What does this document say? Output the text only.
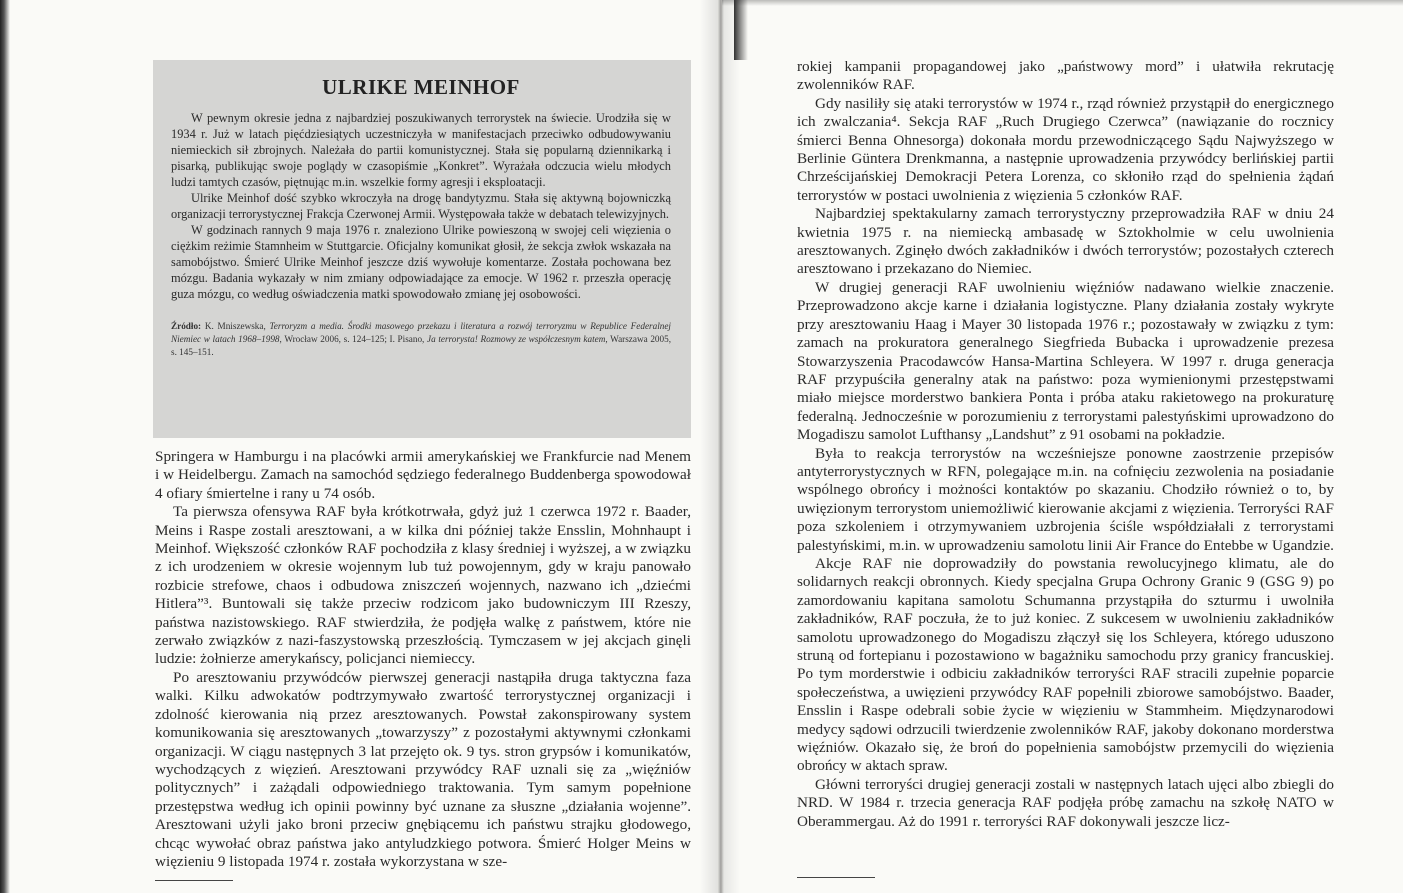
ULRIKE MEINHOF

W pewnym okresie jedna z najbardziej poszukiwanych terrorystek na świecie. Urodziła się w 1934 r. Już w latach pięćdziesiątych uczestniczyła w manifestacjach przeciwko odbudowywaniu niemieckich sił zbrojnych. Należała do partii komunistycznej. Stała się popularną dziennikarką i pisarką, publikując swoje poglądy w czasopiśmie „Konkret”. Wyrażała odczucia wielu młodych ludzi tamtych czasów, piętnując m.in. wszelkie formy agresji i eksploatacji.

Ulrike Meinhof dość szybko wkroczyła na drogę bandytyzmu. Stała się aktywną bojowniczką organizacji terrorystycznej Frakcja Czerwonej Armii. Występowała także w debatach telewizyjnych.

W godzinach rannych 9 maja 1976 r. znaleziono Ulrike powieszoną w swojej celi więzienia o ciężkim reżimie Stamnheim w Stuttgarcie. Oficjalny komunikat głosił, że sekcja zwłok wskazała na samobójstwo. Śmierć Ulrike Meinhof jeszcze dziś wywołuje komentarze. Została pochowana bez mózgu. Badania wykazały w nim zmiany odpowiadające za emocje. W 1962 r. przeszła operację guza mózgu, co według oświadczenia matki spowodowało zmianę jej osobowości.

Źródło: K. Mniszewska, Terroryzm a media. Środki masowego przekazu i literatura a rozwój terroryzmu w Republice Federalnej Niemiec w latach 1968–1998, Wrocław 2006, s. 124–125; I. Pisano, Ja terrorysta! Rozmowy ze współczesnym katem, Warszawa 2005, s. 145–151.

Springera w Hamburgu i na placówki armii amerykańskiej we Frankfurcie nad Menem i w Heidelbergu. Zamach na samochód sędziego federalnego Buddenberga spowodował 4 ofiary śmiertelne i rany u 74 osób.

Ta pierwsza ofensywa RAF była krótkotrwała, gdyż już 1 czerwca 1972 r. Baader, Meins i Raspe zostali aresztowani, a w kilka dni później także Ensslin, Mohnhaupt i Meinhof. Większość członków RAF pochodziła z klasy średniej i wyższej, a w związku z ich urodzeniem w okresie wojennym lub tuż powojennym, gdy w kraju panowało rozbicie strefowe, chaos i odbudowa zniszczeń wojennych, nazwano ich „dziećmi Hitlera”³. Buntowali się także przeciw rodzicom jako budowniczym III Rzeszy, państwa nazistowskiego. RAF stwierdziła, że podjęła walkę z państwem, które nie zerwało związków z nazi-faszystowską przeszłością. Tymczasem w jej akcjach ginęli ludzie: żołnierze amerykańscy, policjanci niemieccy.

Po aresztowaniu przywódców pierwszej generacji nastąpiła druga taktyczna faza walki. Kilku adwokatów podtrzymywało zwartość terrorystycznej organizacji i zdolność kierowania nią przez aresztowanych. Powstał zakonspirowany system komunikowania się aresztowanych „towarzyszy” z pozostałymi aktywnymi członkami organizacji. W ciągu następnych 3 lat przejęto ok. 9 tys. stron grypsów i komunikatów, wychodzących z więzień. Aresztowani przywódcy RAF uznali się za „więźniów politycznych” i zażądali odpowiedniego traktowania. Tym samym popełnione przestępstwa według ich opinii powinny być uznane za słuszne „działania wojenne”. Aresztowani użyli jako broni przeciw gnębiącemu ich państwu strajku głodowego, chcąc wywołać obraz państwa jako antyludzkiego potwora. Śmierć Holger Meins w więzieniu 9 listopada 1974 r. została wykorzystana w sze-

rokiej kampanii propagandowej jako „państwowy mord” i ułatwiła rekrutację zwolenników RAF.

Gdy nasiliły się ataki terrorystów w 1974 r., rząd również przystąpił do energicznego ich zwalczania⁴. Sekcja RAF „Ruch Drugiego Czerwca” (nawiązanie do rocznicy śmierci Benna Ohnesorga) dokonała mordu przewodniczącego Sądu Najwyższego w Berlinie Güntera Drenkmanna, a następnie uprowadzenia przywódcy berlińskiej partii Chrześcijańskiej Demokracji Petera Lorenza, co skłoniło rząd do spełnienia żądań terrorystów w postaci uwolnienia z więzienia 5 członków RAF.

Najbardziej spektakularny zamach terrorystyczny przeprowadziła RAF w dniu 24 kwietnia 1975 r. na niemiecką ambasadę w Sztokholmie w celu uwolnienia aresztowanych. Zginęło dwóch zakładników i dwóch terrorystów; pozostałych czterech aresztowano i przekazano do Niemiec.

W drugiej generacji RAF uwolnieniu więźniów nadawano wielkie znaczenie. Przeprowadzono akcje karne i działania logistyczne. Plany działania zostały wykryte przy aresztowaniu Haag i Mayer 30 listopada 1976 r.; pozostawały w związku z tym: zamach na prokuratora generalnego Siegfrieda Bubacka i uprowadzenie prezesa Stowarzyszenia Pracodawców Hansa-Martina Schleyera. W 1997 r. druga generacja RAF przypuściła generalny atak na państwo: poza wymienionymi przestępstwami miało miejsce morderstwo bankiera Ponta i próba ataku rakietowego na prokuraturę federalną. Jednocześnie w porozumieniu z terrorystami palestyńskimi uprowadzono do Mogadiszu samolot Lufthansy „Landshut” z 91 osobami na pokładzie.

Była to reakcja terrorystów na wcześniejsze ponowne zaostrzenie przepisów antyterrorystycznych w RFN, polegające m.in. na cofnięciu zezwolenia na posiadanie wspólnego obrońcy i możności kontaktów po skazaniu. Chodziło również o to, by uwięzionym terrorystom uniemożliwić kierowanie akcjami z więzienia. Terroryści RAF poza szkoleniem i otrzymywaniem uzbrojenia ściśle współdziałali z terrorystami palestyńskimi, m.in. w uprowadzeniu samolotu linii Air France do Entebbe w Ugandzie.

Akcje RAF nie doprowadziły do powstania rewolucyjnego klimatu, ale do solidarnych reakcji obronnych. Kiedy specjalna Grupa Ochrony Granic 9 (GSG 9) po zamordowaniu kapitana samolotu Schumanna przystąpiła do szturmu i uwolniła zakładników, RAF poczuła, że to już koniec. Z sukcesem w uwolnieniu zakładników samolotu uprowadzonego do Mogadiszu złączył się los Schleyera, którego uduszono struną od fortepianu i pozostawiono w bagażniku samochodu przy granicy francuskiej. Po tym morderstwie i odbiciu zakładników terroryści RAF stracili zupełnie poparcie społeczeństwa, a uwięzieni przywódcy RAF popełnili zbiorowe samobójstwo. Baader, Ensslin i Raspe odebrali sobie życie w więzieniu w Stammheim. Międzynarodowi medycy sądowi odrzucili twierdzenie zwolenników RAF, jakoby dokonano morderstwa więźniów. Okazało się, że broń do popełnienia samobójstw przemycili do więzienia obrońcy w aktach spraw.

Główni terroryści drugiej generacji zostali w następnych latach ujęci albo zbiegli do NRD. W 1984 r. trzecia generacja RAF podjęła próbę zamachu na szkołę NATO w Oberammergau. Aż do 1991 r. terroryści RAF dokonywali jeszcze licz-
